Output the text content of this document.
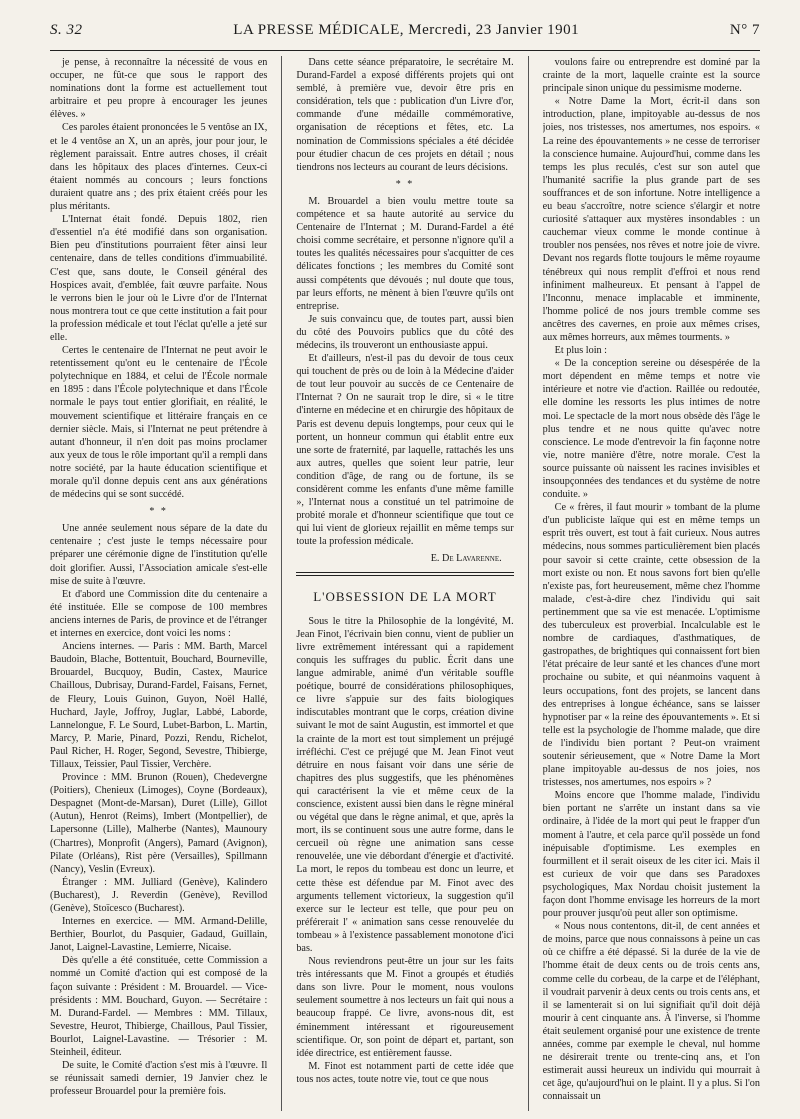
S. 32	LA PRESSE MÉDICALE, Mercredi, 23 Janvier 1901	N° 7

je pense, à reconnaître la nécessité de vous en occuper, ne fût-ce que sous le rapport des nominations dont la forme est actuellement tout arbitraire et peu propre à encourager les jeunes élèves. »

Ces paroles étaient prononcées le 5 ventôse an IX, et le 4 ventôse an X, un an après, jour pour jour, le règlement paraissait. Entre autres choses, il créait dans les hôpitaux des places d'internes. Ceux-ci étaient nommés au concours ; leurs fonctions duraient quatre ans ; des prix étaient créés pour les plus méritants.

L'Internat était fondé. Depuis 1802, rien d'essentiel n'a été modifié dans son organisation. Bien peu d'institutions pourraient fêter ainsi leur centenaire, dans de telles conditions d'immuabilité. C'est que, sans doute, le Conseil général des Hospices avait, d'emblée, fait œuvre parfaite. Nous le verrons bien le jour où le Livre d'or de l'Internat nous montrera tout ce que cette institution a fait pour la profession médicale et tout l'éclat qu'elle a jeté sur elle.

Certes le centenaire de l'Internat ne peut avoir le retentissement qu'ont eu le centenaire de l'École polytechnique en 1884, et celui de l'École normale en 1895 : dans l'École polytechnique et dans l'École normale le pays tout entier glorifiait, en réalité, le mouvement scientifique et littéraire français en ce dernier siècle. Mais, si l'Internat ne peut prétendre à autant d'honneur, il n'en doit pas moins proclamer aux yeux de tous le rôle important qu'il a rempli dans notre société, par la haute éducation scientifique et morale qu'il donne depuis cent ans aux générations de médecins qui se sont succédé.

* *

Une année seulement nous sépare de la date du centenaire ; c'est juste le temps nécessaire pour préparer une cérémonie digne de l'institution qu'elle doit glorifier. Aussi, l'Association amicale s'est-elle mise de suite à l'œuvre.

Et d'abord une Commission dite du centenaire a été instituée. Elle se compose de 100 membres anciens internes de Paris, de province et de l'étranger et internes en exercice, dont voici les noms :

Anciens internes. — Paris : MM. Barth, Marcel Baudoin, Blache, Bottentuit, Bouchard, Bourneville, Brouardel, Bucquoy, Budin, Castex, Maurice Chaillous, Dubrisay, Durand-Fardel, Faisans, Fernet, de Fleury, Louis Guinon, Guyon, Noël Hallé, Huchard, Jayle, Joffroy, Juglar, Labbé, Laborde, Lannelongue, F. Le Sourd, Lubet-Barbon, L. Martin, Marcy, P. Marie, Pinard, Pozzi, Rendu, Richelot, Paul Richer, H. Roger, Segond, Sevestre, Thibierge, Tillaux, Teissier, Paul Tissier, Verchère.

Province : MM. Brunon (Rouen), Chedevergne (Poitiers), Chenieux (Limoges), Coyne (Bordeaux), Despagnet (Mont-de-Marsan), Duret (Lille), Gillot (Autun), Henrot (Reims), Imbert (Montpellier), de Lapersonne (Lille), Malherbe (Nantes), Maunoury (Chartres), Monprofit (Angers), Pamard (Avignon), Pilate (Orléans), Rist père (Versailles), Spillmann (Nancy), Veslin (Evreux).

Étranger : MM. Julliard (Genève), Kalindero (Bucharest), J. Reverdin (Genève), Revillod (Genève), Stoïcesco (Bucharest).

Internes en exercice. — MM. Armand-Delille, Berthier, Bourlot, du Pasquier, Gadaud, Guillain, Janot, Laignel-Lavastine, Lemierre, Nicaise.

Dès qu'elle a été constituée, cette Commission a nommé un Comité d'action qui est composé de la façon suivante : Président : M. Brouardel. — Vice-présidents : MM. Bouchard, Guyon. — Secrétaire : M. Durand-Fardel. — Membres : MM. Tillaux, Sevestre, Heurot, Thibierge, Chaillous, Paul Tissier, Bourlot, Laignel-Lavastine. — Trésorier : M. Steinheil, éditeur.

De suite, le Comité d'action s'est mis à l'œuvre. Il se réunissait samedi dernier, 19 Janvier chez le professeur Brouardel pour la première fois.

Dans cette séance préparatoire, le secrétaire M. Durand-Fardel a exposé différents projets qui ont semblé, à première vue, devoir être pris en considération, tels que : publication d'un Livre d'or, commande d'une médaille commémorative, organisation de réceptions et fêtes, etc. La nomination de Commissions spéciales a été décidée pour étudier chacun de ces projets en détail ; nous tiendrons nos lecteurs au courant de leurs décisions.

* *

M. Brouardel a bien voulu mettre toute sa compétence et sa haute autorité au service du Centenaire de l'Internat ; M. Durand-Fardel a été choisi comme secrétaire, et personne n'ignore qu'il a toutes les qualités nécessaires pour s'acquitter de ces délicates fonctions ; les membres du Comité sont aussi compétents que dévoués ; nul doute que tous, par leurs efforts, ne mènent à bien l'œuvre qu'ils ont entreprise.

Je suis convaincu que, de toutes part, aussi bien du côté des Pouvoirs publics que du côté des médecins, ils trouveront un enthousiaste appui.

Et d'ailleurs, n'est-il pas du devoir de tous ceux qui touchent de près ou de loin à la Médecine d'aider de tout leur pouvoir au succès de ce Centenaire de l'Internat ? On ne saurait trop le dire, si « le titre d'interne en médecine et en chirurgie des hôpitaux de Paris est devenu depuis longtemps, pour ceux qui le portent, un honneur commun qui établit entre eux une sorte de fraternité, par laquelle, rattachés les uns aux autres, quelles que soient leur patrie, leur condition d'âge, de rang ou de fortune, ils se considèrent comme les enfants d'une même famille », l'Internat nous a constitué un tel patrimoine de probité morale et d'honneur scientifique que tout ce qui lui vient de glorieux rejaillit en même temps sur toute la profession médicale.

E. De Lavarenne.
L'OBSESSION DE LA MORT

Sous le titre la Philosophie de la longévité, M. Jean Finot, l'écrivain bien connu, vient de publier un livre extrêmement intéressant qui a rapidement conquis les suffrages du public. Écrit dans une langue admirable, animé d'un véritable souffle poétique, bourré de considérations philosophiques, ce livre s'appuie sur des faits biologiques indiscutables montrant que le corps, création divine suivant le mot de saint Augustin, est immortel et que la crainte de la mort est tout simplement un préjugé irréfléchi. C'est ce préjugé que M. Jean Finot veut détruire en nous faisant voir dans une série de chapitres des plus suggestifs, que les phénomènes qui caractérisent la vie et même ceux de la conscience, existent aussi bien dans le règne minéral ou végétal que dans le règne animal, et que, après la mort, ils se continuent sous une autre forme, dans le cercueil où règne une animation sans cesse renouvelée, une vie débordant d'énergie et d'activité. La mort, le repos du tombeau est donc un leurre, et cette thèse est défendue par M. Finot avec des arguments tellement victorieux, la suggestion qu'il exerce sur le lecteur est telle, que pour peu on préférerait l' « animation sans cesse renouvelée du tombeau » à l'existence passablement monotone d'ici bas.

Nous reviendrons peut-être un jour sur les faits très intéressants que M. Finot a groupés et étudiés dans son livre. Pour le moment, nous voulons seulement soumettre à nos lecteurs un fait qui nous a beaucoup frappé. Ce livre, avons-nous dit, est éminemment intéressant et rigoureusement scientifique. Or, son point de départ et, partant, son idée directrice, est entièrement fausse.

M. Finot est notamment parti de cette idée que tous nos actes, toute notre vie, tout ce que nous

voulons faire ou entreprendre est dominé par la crainte de la mort, laquelle crainte est la source principale sinon unique du pessimisme moderne.

« Notre Dame la Mort, écrit-il dans son introduction, plane, impitoyable au-dessus de nos joies, nos tristesses, nos amertumes, nos espoirs. « La reine des épouvantements » ne cesse de terroriser la conscience humaine. Aujourd'hui, comme dans les temps les plus reculés, c'est sur son autel que l'humanité sacrifie la plus grande part de ses souffrances et de son infortune. Notre intelligence a eu beau s'accroître, notre science s'élargir et notre curiosité s'attaquer aux mystères insondables : un cauchemar vieux comme le monde continue à troubler nos pensées, nos rêves et notre joie de vivre. Devant nos regards flotte toujours le même royaume ténébreux qui nous remplit d'effroi et nous rend infiniment malheureux. Et pensant à l'appel de l'Inconnu, menace implacable et imminente, l'homme policé de nos jours tremble comme ses ancêtres des cavernes, en proie aux mêmes crises, aux mêmes horreurs, aux mêmes tourments. »

Et plus loin :

« De la conception sereine ou désespérée de la mort dépendent en même temps et notre vie intérieure et notre vie d'action. Raillée ou redoutée, elle domine les ressorts les plus intimes de notre moi. Le spectacle de la mort nous obsède dès l'âge le plus tendre et ne nous quitte qu'avec notre conscience. Le mode d'entrevoir la fin façonne notre vie, notre manière d'être, notre morale. C'est la source puissante où naissent les racines invisibles et insoupçonnées des tendances et du système de notre conduite. »

Ce « frères, il faut mourir » tombant de la plume d'un publiciste laïque qui est en même temps un esprit très ouvert, est tout à fait curieux. Nous autres médecins, nous sommes particulièrement bien placés pour savoir si cette crainte, cette obsession de la mort existe ou non. Et nous savons fort bien qu'elle n'existe pas, fort heureusement, même chez l'homme malade, c'est-à-dire chez l'individu qui sait pertinemment que sa vie est menacée. L'optimisme des tuberculeux est proverbial. Incalculable est le nombre de cardiaques, d'asthmatiques, de gastropathes, de brightiques qui connaissent fort bien l'état précaire de leur santé et les chances d'une mort prochaine ou subite, et qui néanmoins vaquent à leurs occupations, font des projets, se lancent dans des entreprises à longue échéance, sans se laisser hypnotiser par « la reine des épouvantements ». Et si telle est la psychologie de l'homme malade, que dire de l'individu bien portant ? Peut-on vraiment soutenir sérieusement, que « Notre Dame la Mort plane impitoyable au-dessus de nos joies, nos tristesses, nos amertumes, nos espoirs » ?

Moins encore que l'homme malade, l'individu bien portant ne s'arrête un instant dans sa vie ordinaire, à l'idée de la mort qui peut le frapper d'un moment à l'autre, et cela parce qu'il possède un fond inépuisable d'optimisme. Les exemples en fourmillent et il serait oiseux de les citer ici. Mais il est curieux de voir que dans ses Paradoxes psychologiques, Max Nordau choisit justement la façon dont l'homme envisage les horreurs de la mort pour prouver jusqu'où peut aller son optimisme.

« Nous nous contentons, dit-il, de cent années et de moins, parce que nous connaissons à peine un cas où ce chiffre a été dépassé. Si la durée de la vie de l'homme était de deux cents ou de trois cents ans, comme celle du corbeau, de la carpe et de l'éléphant, il voudrait parvenir à deux cents ou trois cents ans, et il se lamenterait si on lui signifiait qu'il doit déjà mourir à cent cinquante ans. À l'inverse, si l'homme était seulement organisé pour une existence de trente années, comme par exemple le cheval, nul homme ne désirerait trente ou trente-cinq ans, et l'on estimerait aussi heureux un individu qui mourrait à cet âge, qu'aujourd'hui on le plaint. Il y a plus. Si l'on connaissait un
